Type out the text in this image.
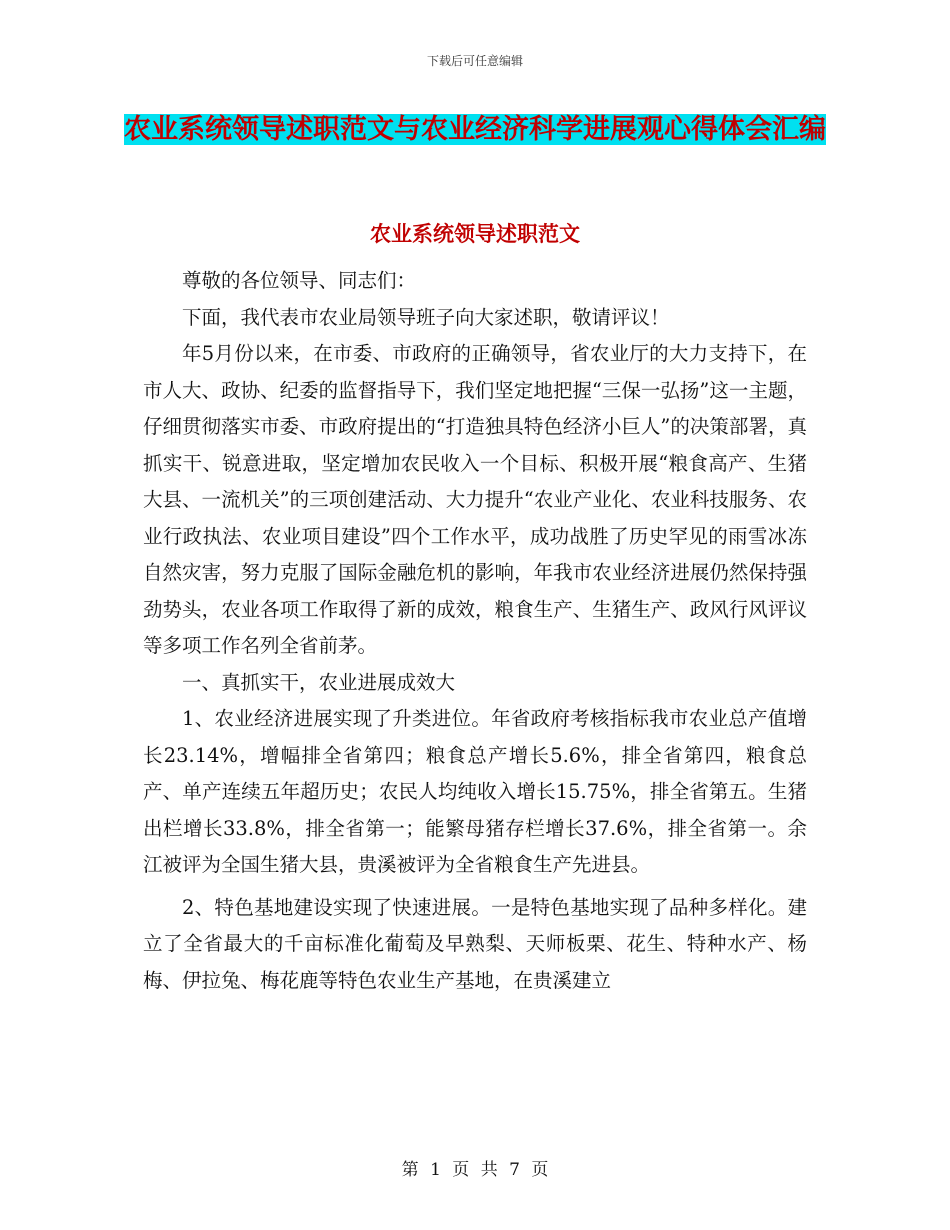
下载后可任意编辑
农业系统领导述职范文与农业经济科学进展观心得体会汇编
农业系统领导述职范文

尊敬的各位领导、同志们：

下面，我代表市农业局领导班子向大家述职，敬请评议！

年5月份以来，在市委、市政府的正确领导，省农业厅的大力支持下，在市人大、政协、纪委的监督指导下，我们坚定地把握“三保一弘扬”这一主题，仔细贯彻落实市委、市政府提出的“打造独具特色经济小巨人”的决策部署，真抓实干、锐意进取，坚定增加农民收入一个目标、积极开展“粮食高产、生猪大县、一流机关”的三项创建活动、大力提升“农业产业化、农业科技服务、农业行政执法、农业项目建设”四个工作水平，成功战胜了历史罕见的雨雪冰冻自然灾害，努力克服了国际金融危机的影响，年我市农业经济进展仍然保持强劲势头，农业各项工作取得了新的成效，粮食生产、生猪生产、政风行风评议等多项工作名列全省前茅。

一、真抓实干，农业进展成效大

1、农业经济进展实现了升类进位。年省政府考核指标我市农业总产值增长23.14%，增幅排全省第四；粮食总产增长5.6%，排全省第四，粮食总产、单产连续五年超历史；农民人均纯收入增长15.75%，排全省第五。生猪出栏增长33.8%，排全省第一；能繁母猪存栏增长37.6%，排全省第一。余江被评为全国生猪大县，贵溪被评为全省粮食生产先进县。

2、特色基地建设实现了快速进展。一是特色基地实现了品种多样化。建立了全省最大的千亩标准化葡萄及早熟梨、天师板栗、花生、特种水产、杨梅、伊拉兔、梅花鹿等特色农业生产基地，在贵溪建立

第 1 页 共 7 页
